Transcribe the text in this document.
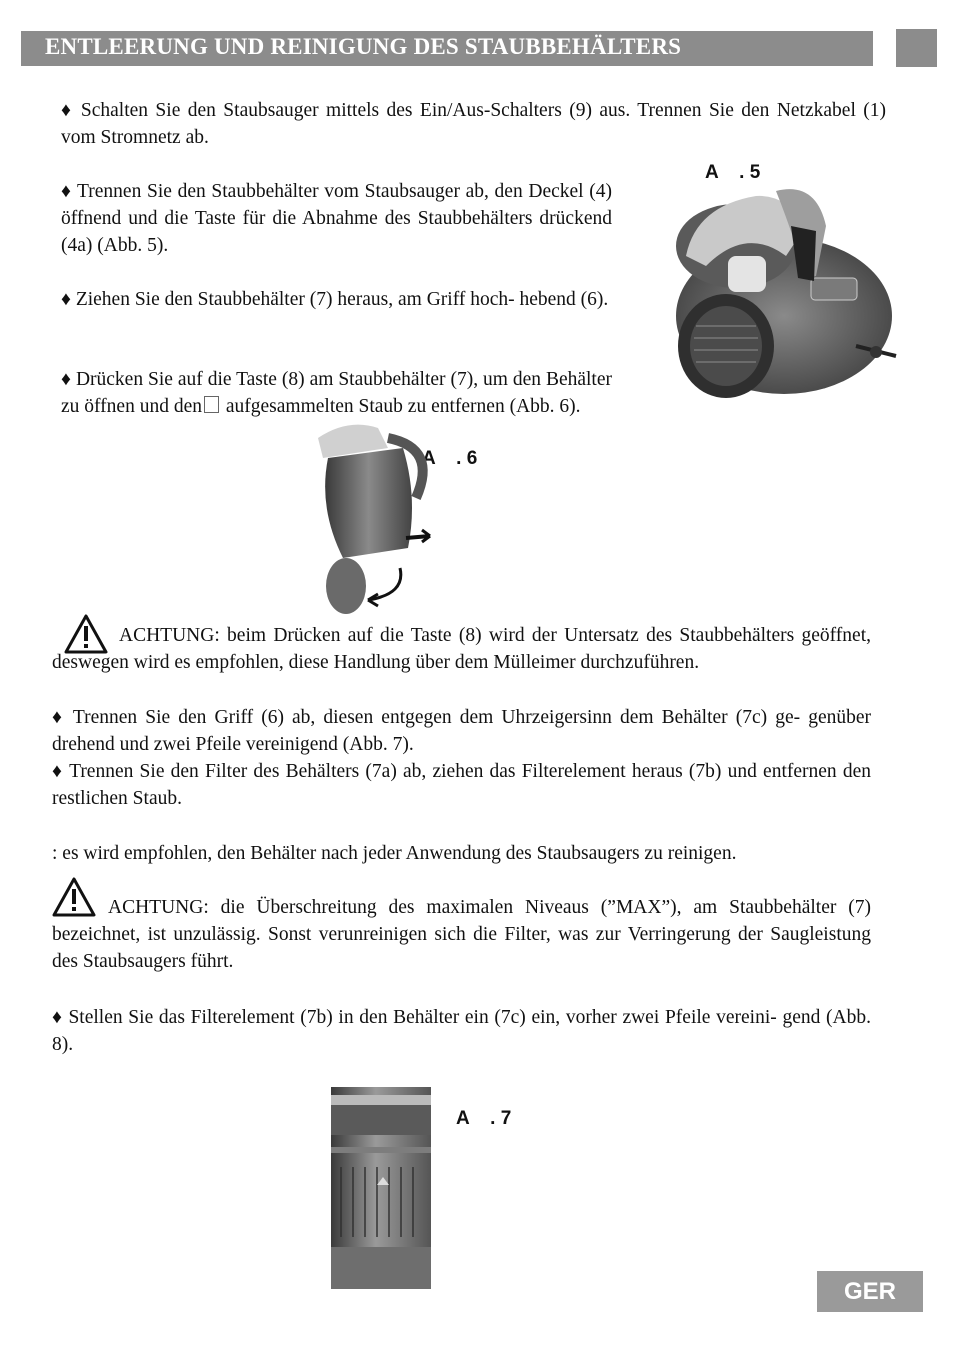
ENTLEERUNG UND REINIGUNG DES STAUBBEHÄLTERS
♦ Schalten Sie den Staubsauger mittels des Ein/Aus-Schalters (9) aus. Trennen Sie den Netzkabel (1) vom Stromnetz ab.
♦ Trennen Sie den Staubbehälter vom Staubsauger ab, den Deckel (4) öffnend und die Taste für die Abnahme des Staubbehälters drückend (4a) (Abb. 5).
♦ Ziehen Sie den Staubbehälter (7) heraus, am Griff hoch- hebend (6).
♦ Drücken Sie auf die Taste (8) am Staubbehälter (7), um den Behälter zu öffnen und den aufgesammelten Staub zu entfernen (Abb. 6).
A    . 5
A    . 6
ACHTUNG: beim Drücken auf die Taste (8) wird der Untersatz des Staubbehälters geöffnet, deswegen wird es empfohlen, diese Handlung über dem Mülleimer durchzuführen.
♦ Trennen Sie den Griff (6) ab, diesen entgegen dem Uhrzeigersinn dem Behälter (7c) ge- genüber drehend und zwei Pfeile vereinigend (Abb. 7).
♦ Trennen Sie den Filter des Behälters (7a) ab, ziehen das Filterelement heraus (7b) und entfernen den restlichen Staub.
: es wird empfohlen, den Behälter nach jeder Anwendung des Staubsaugers zu reinigen.
ACHTUNG: die Überschreitung des maximalen Niveaus (”MAX”), am Staubbehälter (7) bezeichnet, ist unzulässig. Sonst verunreinigen sich die Filter, was zur Verringerung der Saugleistung des Staubsaugers führt.
♦ Stellen Sie das Filterelement (7b) in den Behälter ein (7c) ein, vorher zwei Pfeile vereini- gend (Abb. 8).
A    . 7
GER
